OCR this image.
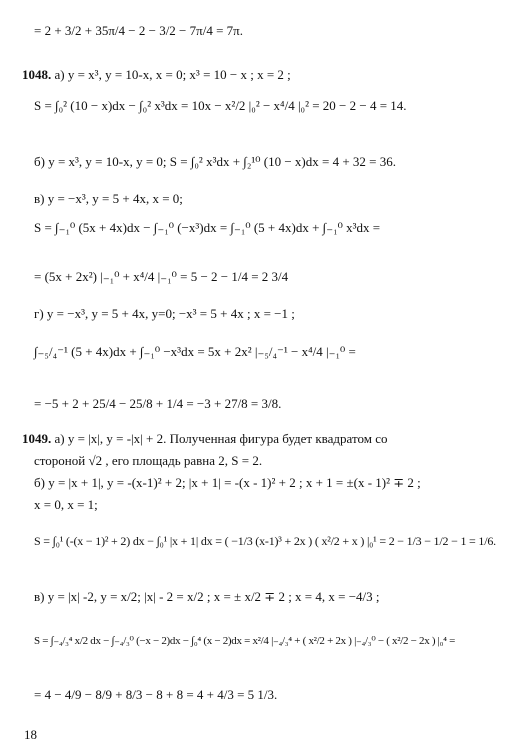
= 2 + 3/2 + 35π/4 − 2 − 3/2 − 7π/4 = 7π.
1048. а) y = x³, y = 10-x, x = 0; x³ = 10 − x ; x = 2 ;
S = ∫₀² (10 − x)dx − ∫₀² x³dx = 10x − x²/2 |₀² − x⁴/4 |₀² = 20 − 2 − 4 = 14.
б) y = x³, y = 10-x, y = 0; S = ∫₀² x³dx + ∫₂¹⁰ (10 − x)dx = 4 + 32 = 36.
в) y = −x³, y = 5 + 4x, x = 0;
S = ∫₋₁⁰ (5x + 4x)dx − ∫₋₁⁰ (−x³)dx = ∫₋₁⁰ (5 + 4x)dx + ∫₋₁⁰ x³dx =
= (5x + 2x²) |₋₁⁰ + x⁴/4 |₋₁⁰ = 5 − 2 − 1/4 = 2 3/4
г) y = −x³, y = 5 + 4x, y=0; −x³ = 5 + 4x ; x = −1 ;
∫₋₅/₄⁻¹ (5 + 4x)dx + ∫₋₁⁰ −x³dx = 5x + 2x² |₋₅/₄⁻¹ − x⁴/4 |₋₁⁰ =
= −5 + 2 + 25/4 − 25/8 + 1/4 = −3 + 27/8 = 3/8.
1049. а) y = |x|, y = -|x| + 2. Полученная фигура будет квадратом со
стороной √2 , его площадь равна 2, S = 2.
б) y = |x + 1|, y = -(x-1)² + 2; |x + 1| = -(x - 1)² + 2 ; x + 1 = ±(x - 1)² ∓ 2 ;
x = 0, x = 1;
S = ∫₀¹ (-(x − 1)² + 2) dx − ∫₀¹ |x + 1| dx = ( −1/3 (x-1)³ + 2x ) ( x²/2 + x ) |₀¹ = 2 − 1/3 − 1/2 − 1 = 1/6.
в) y = |x| -2, y = x/2; |x| - 2 = x/2 ; x = ± x/2 ∓ 2 ; x = 4, x = −4/3 ;
S = ∫₋₄/₃⁴ x/2 dx − ∫₋₄/₃⁰ (−x − 2)dx − ∫₀⁴ (x − 2)dx = x²/4 |₋₄/₃⁴ + ( x²/2 + 2x ) |₋₄/₃⁰ − ( x²/2 − 2x ) |₀⁴ =
= 4 − 4/9 − 8/9 + 8/3 − 8 + 8 = 4 + 4/3 = 5 1/3.
18
